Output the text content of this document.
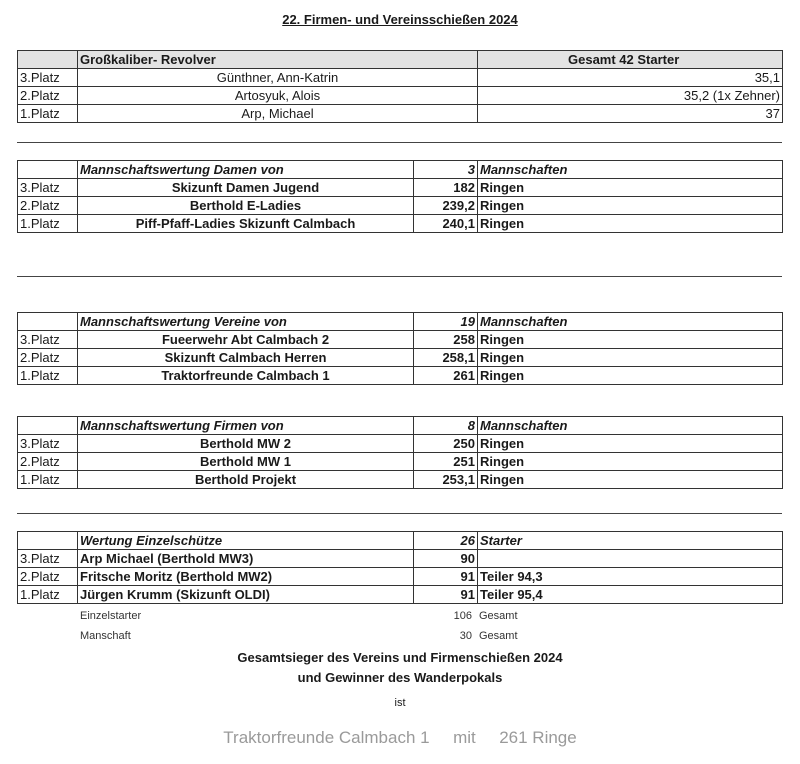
22. Firmen- und Vereinsschießen 2024
	Großkaliber- Revolver	Gesamt 42 Starter
3.Platz	Günthner, Ann-Katrin	35,1
2.Platz	Artosyuk, Alois	35,2 (1x Zehner)
1.Platz	Arp, Michael	37
	Mannschaftswertung Damen von	3	Mannschaften
3.Platz	Skizunft Damen Jugend	182	Ringen
2.Platz	Berthold E-Ladies	239,2	Ringen
1.Platz	Piff-Pfaff-Ladies Skizunft Calmbach	240,1	Ringen
	Mannschaftswertung Vereine von	19	Mannschaften
3.Platz	Fueerwehr Abt Calmbach 2	258	Ringen
2.Platz	Skizunft Calmbach Herren	258,1	Ringen
1.Platz	Traktorfreunde Calmbach 1	261	Ringen
	Mannschaftswertung Firmen von	8	Mannschaften
3.Platz	Berthold MW 2	250	Ringen
2.Platz	Berthold MW 1	251	Ringen
1.Platz	Berthold Projekt	253,1	Ringen
	Wertung Einzelschütze	26	Starter
3.Platz	Arp Michael (Berthold MW3)	90	
2.Platz	Fritsche Moritz (Berthold MW2)	91	Teiler 94,3
1.Platz	Jürgen Krumm (Skizunft OLDI)	91	Teiler 95,4
Einzelstarter	106 Gesamt
Manschaft	30 Gesamt
Gesamtsieger des Vereins und Firmenschießen 2024
und Gewinner des Wanderpokals
ist
Traktorfreunde Calmbach 1 mit 261 Ringe
